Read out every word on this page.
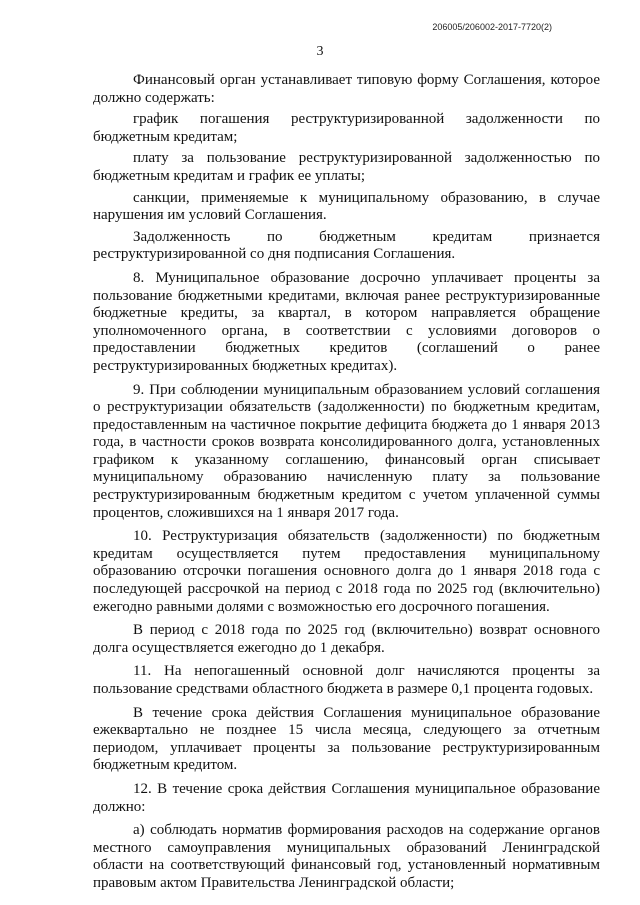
206005/206002-2017-7720(2)
3

Финансовый орган устанавливает типовую форму Соглашения, которое должно содержать:

график погашения реструктуризированной задолженности по бюджетным кредитам;

плату за пользование реструктуризированной задолженностью по бюджетным кредитам и график ее уплаты;

санкции, применяемые к муниципальному образованию, в случае нарушения им условий Соглашения.

Задолженность по бюджетным кредитам признается реструктуризированной со дня подписания Соглашения.

8. Муниципальное образование досрочно уплачивает проценты за пользование бюджетными кредитами, включая ранее реструктуризированные бюджетные кредиты, за квартал, в котором направляется обращение уполномоченного органа, в соответствии с условиями договоров о предоставлении бюджетных кредитов (соглашений о ранее реструктуризированных бюджетных кредитах).

9. При соблюдении муниципальным образованием условий соглашения о реструктуризации обязательств (задолженности) по бюджетным кредитам, предоставленным на частичное покрытие дефицита бюджета до 1 января 2013 года, в частности сроков возврата консолидированного долга, установленных графиком к указанному соглашению, финансовый орган списывает муниципальному образованию начисленную плату за пользование реструктуризированным бюджетным кредитом с учетом уплаченной суммы процентов, сложившихся на 1 января 2017 года.

10. Реструктуризация обязательств (задолженности) по бюджетным кредитам осуществляется путем предоставления муниципальному образованию отсрочки погашения основного долга до 1 января 2018 года с последующей рассрочкой на период с 2018 года по 2025 год (включительно) ежегодно равными долями с возможностью его досрочного погашения.

В период с 2018 года по 2025 год (включительно) возврат основного долга осуществляется ежегодно до 1 декабря.

11. На непогашенный основной долг начисляются проценты за пользование средствами областного бюджета в размере 0,1 процента годовых.

В течение срока действия Соглашения муниципальное образование ежеквартально не позднее 15 числа месяца, следующего за отчетным периодом, уплачивает проценты за пользование реструктуризированным бюджетным кредитом.

12. В течение срока действия Соглашения муниципальное образование должно:

а) соблюдать норматив формирования расходов на содержание органов местного самоуправления муниципальных образований Ленинградской области на соответствующий финансовый год, установленный нормативным правовым актом Правительства Ленинградской области;
